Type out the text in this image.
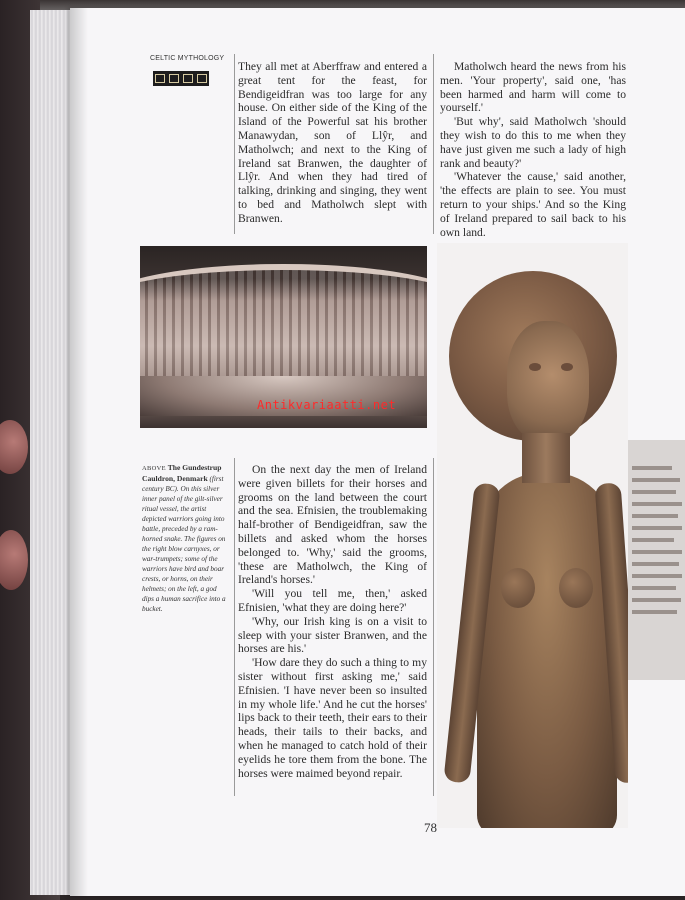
CELTIC MYTHOLOGY

They all met at Aberffraw and entered a great tent for the feast, for Bendigeidfran was too large for any house. On either side of the King of the Island of the Powerful sat his brother Manawydan, son of Llŷr, and Matholwch; and next to the King of Ireland sat Branwen, the daughter of Llŷr. And when they had tired of talking, drinking and singing, they went to bed and Matholwch slept with Branwen.

Matholwch heard the news from his men. 'Your property', said one, 'has been harmed and harm will come to yourself.'

'But why', said Matholwch 'should they wish to do this to me when they have just given me such a lady of high rank and beauty?'

'Whatever the cause,' said another, 'the effects are plain to see. You must return to your ships.' And so the King of Ireland prepared to sail back to his own land.

Antikvariaatti.net
ABOVE The Gundestrup Cauldron, Denmark (first century BC). On this silver inner panel of the gilt-silver ritual vessel, the artist depicted warriors going into battle, preceded by a ram-horned snake. The figures on the right blow carnyxes, or war-trumpets; some of the warriors have bird and boar crests, or horns, on their helmets; on the left, a god dips a human sacrifice into a bucket.

On the next day the men of Ireland were given billets for their horses and grooms on the land between the court and the sea. Efnisien, the troublemaking half-brother of Bendigeidfran, saw the billets and asked whom the horses belonged to. 'Why,' said the grooms, 'these are Matholwch, the King of Ireland's horses.'

'Will you tell me, then,' asked Efnisien, 'what they are doing here?'

'Why, our Irish king is on a visit to sleep with your sister Branwen, and the horses are his.'

'How dare they do such a thing to my sister without first asking me,' said Efnisien. 'I have never been so insulted in my whole life.' And he cut the horses' lips back to their teeth, their ears to their heads, their tails to their backs, and when he managed to catch hold of their eyelids he tore them from the bone. The horses were maimed beyond repair.

78
